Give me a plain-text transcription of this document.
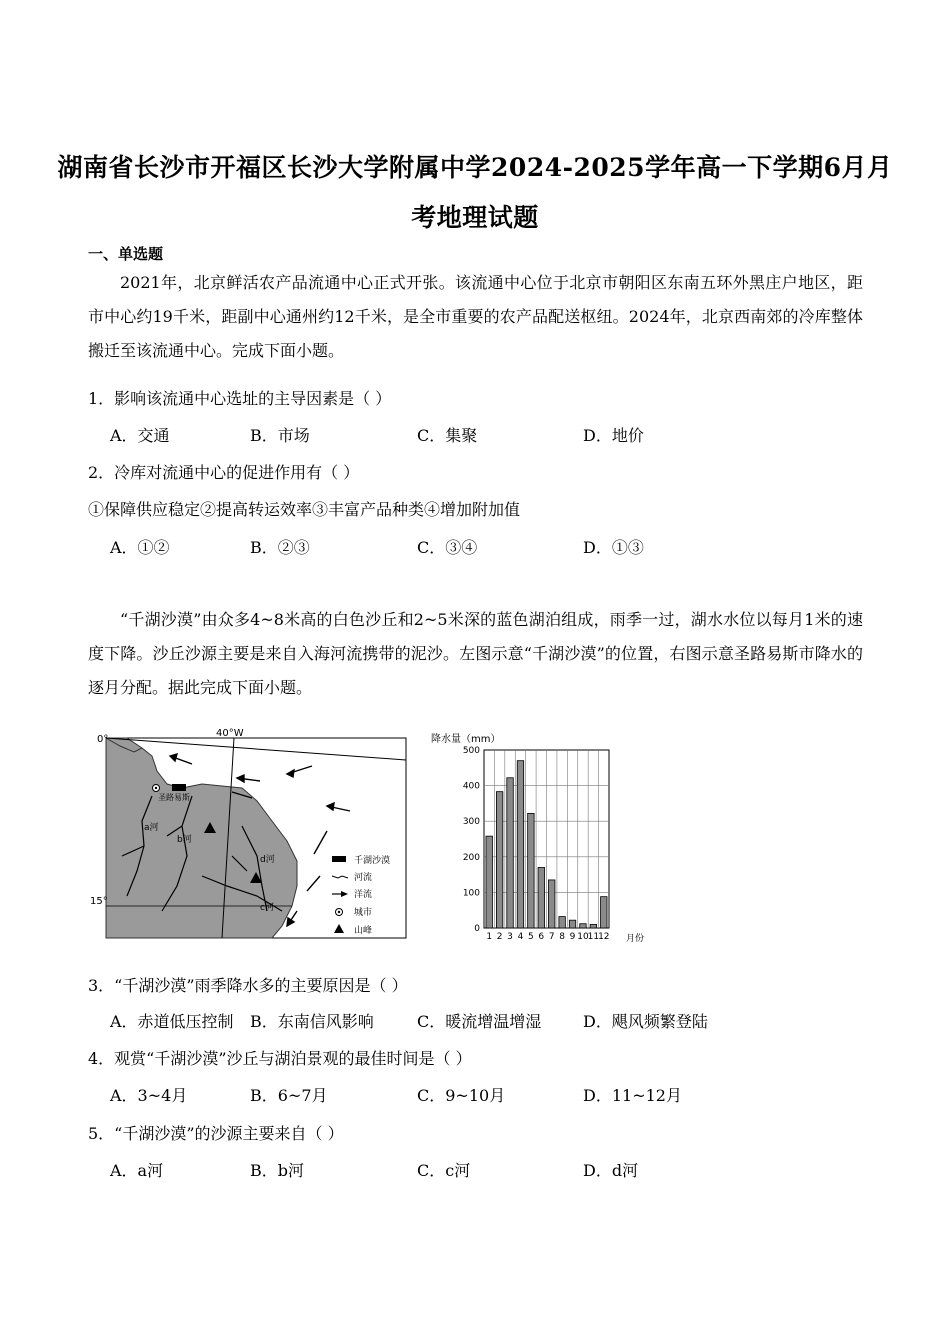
湖南省长沙市开福区长沙大学附属中学2024-2025学年高一下学期6月月
考地理试题
一、单选题
2021年，北京鲜活农产品流通中心正式开张。该流通中心位于北京市朝阳区东南五环外黑庄户地区，距市中心约19千米，距副中心通州约12千米，是全市重要的农产品配送枢纽。2024年，北京西南郊的冷库整体搬迁至该流通中心。完成下面小题。
1．影响该流通中心选址的主导因素是（ ）
A．交通	B．市场	C．集聚	D．地价
2．冷库对流通中心的促进作用有（ ）
①保障供应稳定②提高转运效率③丰富产品种类④增加附加值
A．①②	B．②③	C．③④	D．①③
“千湖沙漠”由众多4~8米高的白色沙丘和2~5米深的蓝色湖泊组成，雨季一过，湖水水位以每月1米的速度下降。沙丘沙源主要是来自入海河流携带的泥沙。左图示意“千湖沙漠”的位置，右图示意圣路易斯市降水的逐月分配。据此完成下面小题。
0°
40°W
15°
圣路易斯
a河
b河
c河
d河	千湖沙漠
河流
洋流
城市
山峰
降水量（mm）
0
100
200
300
400
500
1 2 3 4 5 6 7 8 9 10
11
12 月份
3．“千湖沙漠”雨季降水多的主要原因是（ ）
A．赤道低压控制 B．东南信风影响	C．暖流增温增湿	D．飓风频繁登陆
4．观赏“千湖沙漠”沙丘与湖泊景观的最佳时间是（ ）
A．3~4月	B．6~7月	C．9~10月	D．11~12月
5．“千湖沙漠”的沙源主要来自（ ）
A．a河	B．b河	C．c河	D．d河
